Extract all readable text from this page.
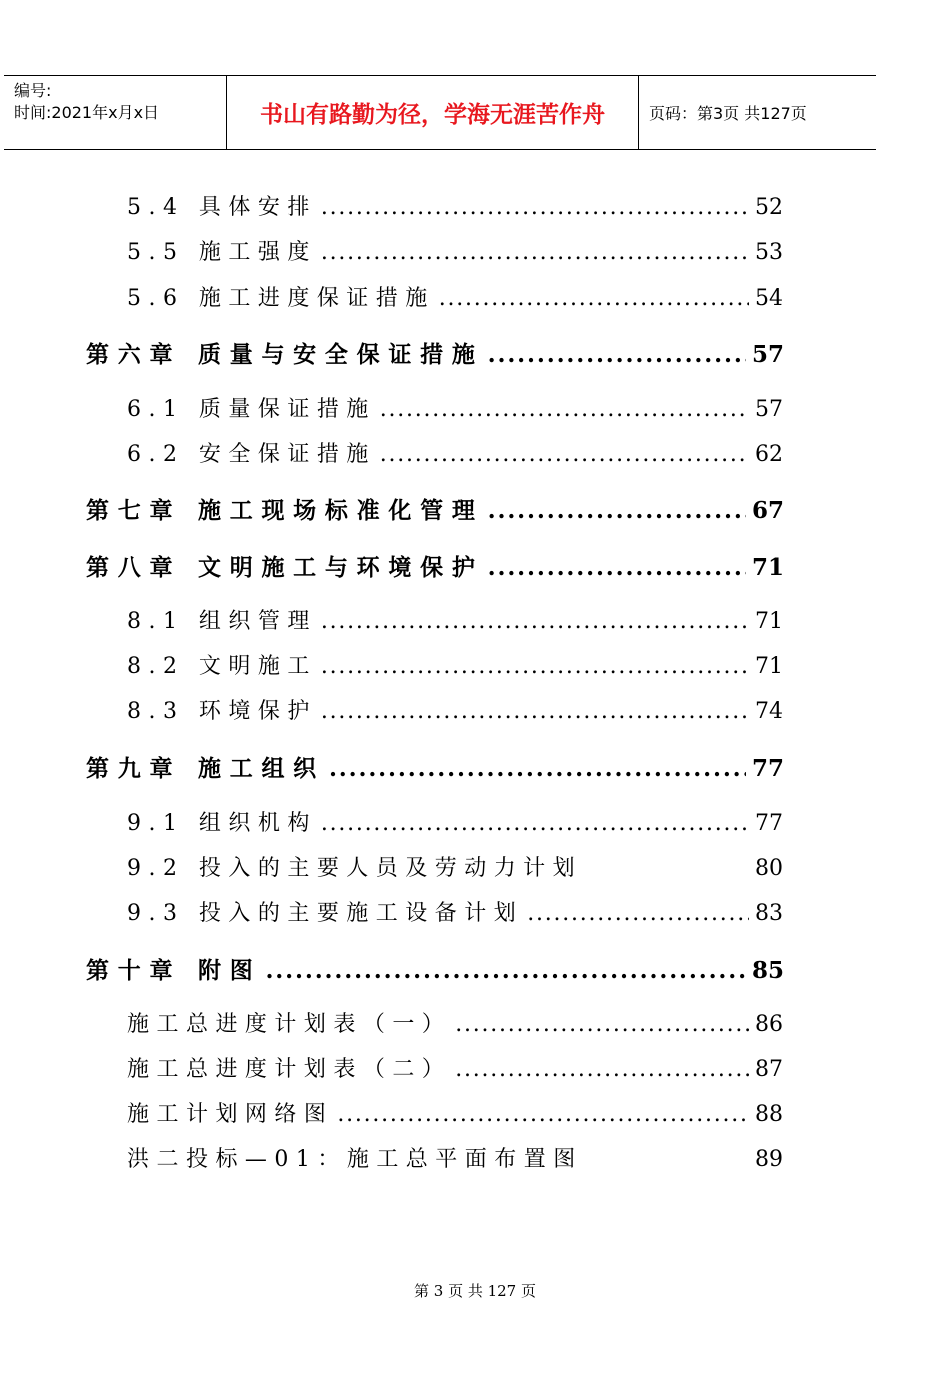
编号:
时间:2021年x月x日	书山有路勤为径，学海无涯苦作舟	页码：第3页 共127页
5.4 具体安排 .....	52
5.5 施工强度 .....	53
5.6 施工进度保证措施 .....	54
第六章 质量与安全保证措施 .....	57
6.1 质量保证措施 .....	57
6.2 安全保证措施 .....	62
第七章 施工现场标准化管理 .....	67
第八章 文明施工与环境保护 .....	71
8.1 组织管理 .....	71
8.2 文明施工 .....	71
8.3 环境保护 .....	74
第九章 施工组织 .....	77
9.1 组织机构 .....	77
9.2 投入的主要人员及劳动力计划	80
9.3 投入的主要施工设备计划 .....	83
第十章 附图 .....	85
施工总进度计划表（一） .....	86
施工总进度计划表（二） .....	87
施工计划网络图 .....	88
洪二投标—01：施工总平面布置图	89
第 3 页 共 127 页
